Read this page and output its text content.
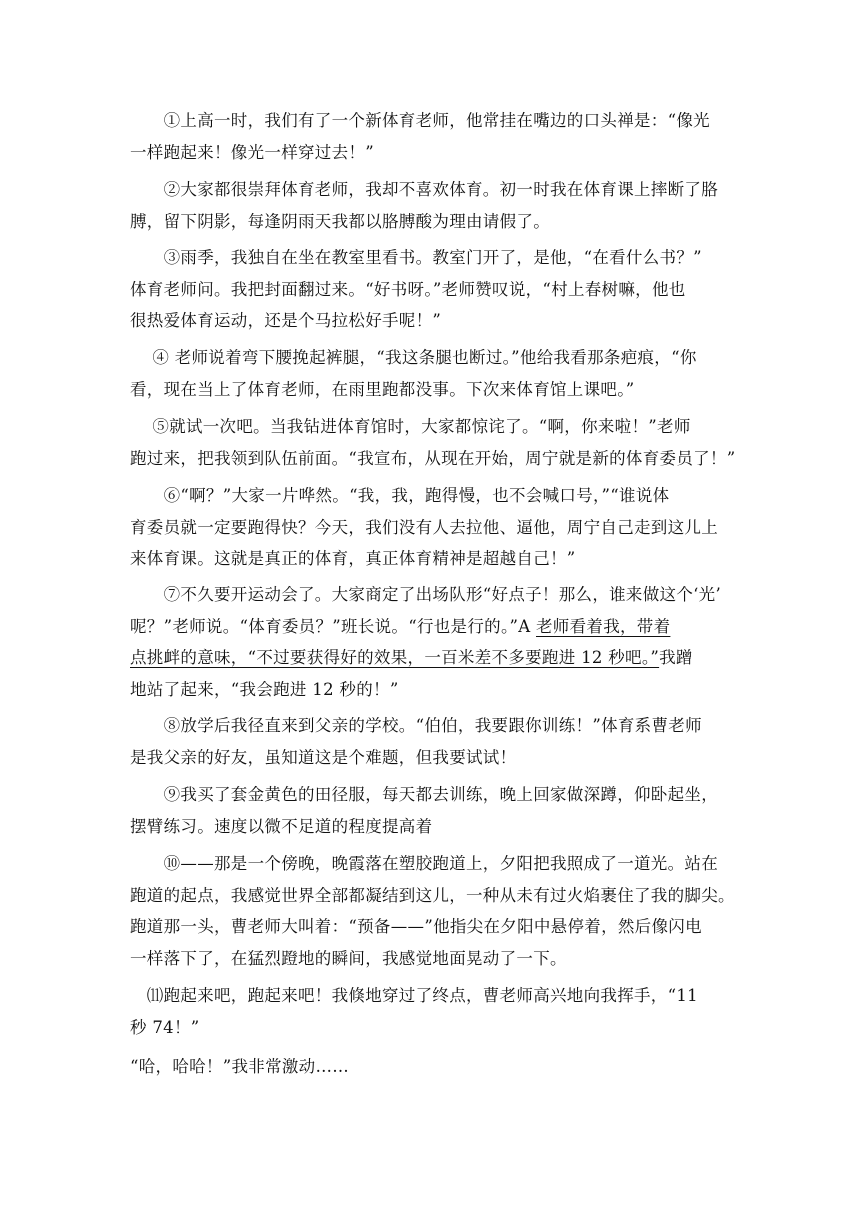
　　①上高一时，我们有了一个新体育老师，他常挂在嘴边的口头禅是：“像光
一样跑起来！像光一样穿过去！”
　　②大家都很崇拜体育老师，我却不喜欢体育。初一时我在体育课上摔断了胳
膊，留下阴影，每逢阴雨天我都以胳膊酸为理由请假了。
　　③雨季，我独自在坐在教室里看书。教室门开了，是他，“在看什么书？”
体育老师问。我把封面翻过来。“好书呀。”老师赞叹说，“村上春树嘛，他也
很热爱体育运动，还是个马拉松好手呢！”
　 ④ 老师说着弯下腰挽起裤腿，“我这条腿也断过。”他给我看那条疤痕，“你
看，现在当上了体育老师，在雨里跑都没事。下次来体育馆上课吧。”
　 ⑤就试一次吧。当我钻进体育馆时，大家都惊诧了。“啊，你来啦！”老师
跑过来，把我领到队伍前面。“我宣布，从现在开始，周宁就是新的体育委员了！”
　　⑥“啊？”大家一片哗然。“我，我，跑得慢，也不会喊口号，”“谁说体
育委员就一定要跑得快？今天，我们没有人去拉他、逼他，周宁自己走到这儿上
来体育课。这就是真正的体育，真正体育精神是超越自己！”
　　⑦不久要开运动会了。大家商定了出场队形“好点子！那么，谁来做这个‘光’
呢？”老师说。“体育委员？”班长说。“行也是行的。”A 老师看着我，带着
点挑衅的意味，“不过要获得好的效果，一百米差不多要跑进 12 秒吧。”我蹭
地站了起来，“我会跑进 12 秒的！”
　　⑧放学后我径直来到父亲的学校。“伯伯，我要跟你训练！”体育系曹老师
是我父亲的好友，虽知道这是个难题，但我要试试！
　　⑨我买了套金黄色的田径服，每天都去训练，晚上回家做深蹲，仰卧起坐，
摆臂练习。速度以微不足道的程度提高着
　　⑩——那是一个傍晚，晚霞落在塑胶跑道上，夕阳把我照成了一道光。站在
跑道的起点，我感觉世界全部都凝结到这儿，一种从未有过火焰裹住了我的脚尖。
跑道那一头，曹老师大叫着：“预备——”他指尖在夕阳中悬停着，然后像闪电
一样落下了，在猛烈蹬地的瞬间，我感觉地面晃动了一下。
　⑾跑起来吧，跑起来吧！我倏地穿过了终点，曹老师高兴地向我挥手，“11
秒 74！”
“哈，哈哈！”我非常激动……
